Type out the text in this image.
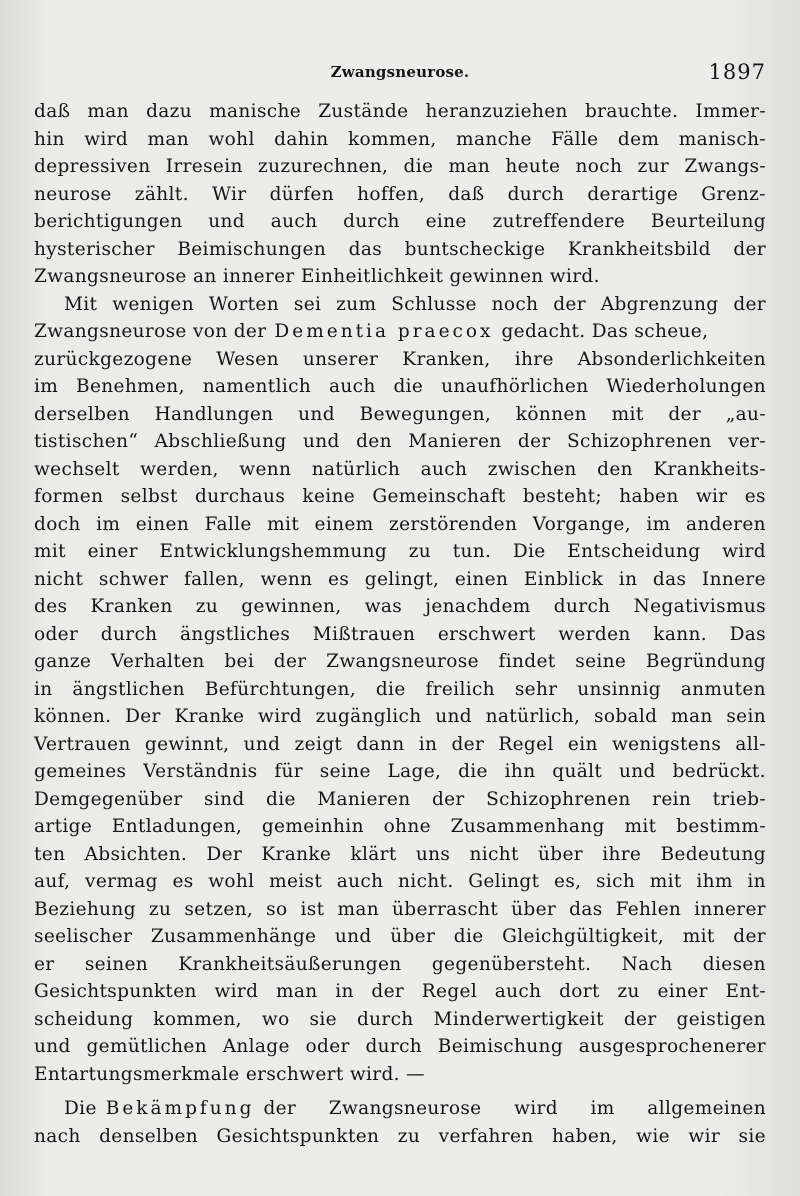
Zwangsneurose.	1897
daß man dazu manische Zustände heranzuziehen brauchte. Immer-
hin wird man wohl dahin kommen, manche Fälle dem manisch-
depressiven Irresein zuzurechnen, die man heute noch zur Zwangs-
neurose zählt. Wir dürfen hoffen, daß durch derartige Grenz-
berichtigungen und auch durch eine zutreffendere Beurteilung
hysterischer Beimischungen das buntscheckige Krankheitsbild der
Zwangsneurose an innerer Einheitlichkeit gewinnen wird.
Mit wenigen Worten sei zum Schlusse noch der Abgrenzung der
Zwangsneurose von der Dementia praecox gedacht. Das scheue,
zurückgezogene Wesen unserer Kranken, ihre Absonderlichkeiten
im Benehmen, namentlich auch die unaufhörlichen Wiederholungen
derselben Handlungen und Bewegungen, können mit der „au-
tistischen“ Abschließung und den Manieren der Schizophrenen ver-
wechselt werden, wenn natürlich auch zwischen den Krankheits-
formen selbst durchaus keine Gemeinschaft besteht; haben wir es
doch im einen Falle mit einem zerstörenden Vorgange, im anderen
mit einer Entwicklungshemmung zu tun. Die Entscheidung wird
nicht schwer fallen, wenn es gelingt, einen Einblick in das Innere
des Kranken zu gewinnen, was jenachdem durch Negativismus
oder durch ängstliches Mißtrauen erschwert werden kann. Das
ganze Verhalten bei der Zwangsneurose findet seine Begründung
in ängstlichen Befürchtungen, die freilich sehr unsinnig anmuten
können. Der Kranke wird zugänglich und natürlich, sobald man sein
Vertrauen gewinnt, und zeigt dann in der Regel ein wenigstens all-
gemeines Verständnis für seine Lage, die ihn quält und bedrückt.
Demgegenüber sind die Manieren der Schizophrenen rein trieb-
artige Entladungen, gemeinhin ohne Zusammenhang mit bestimm-
ten Absichten. Der Kranke klärt uns nicht über ihre Bedeutung
auf, vermag es wohl meist auch nicht. Gelingt es, sich mit ihm in
Beziehung zu setzen, so ist man überrascht über das Fehlen innerer
seelischer Zusammenhänge und über die Gleichgültigkeit, mit der
er seinen Krankheitsäußerungen gegenübersteht. Nach diesen
Gesichtspunkten wird man in der Regel auch dort zu einer Ent-
scheidung kommen, wo sie durch Minderwertigkeit der geistigen
und gemütlichen Anlage oder durch Beimischung ausgesprochenerer
Entartungsmerkmale erschwert wird. —
Die Bekämpfung der Zwangsneurose wird im allgemeinen
nach denselben Gesichtspunkten zu verfahren haben, wie wir sie
